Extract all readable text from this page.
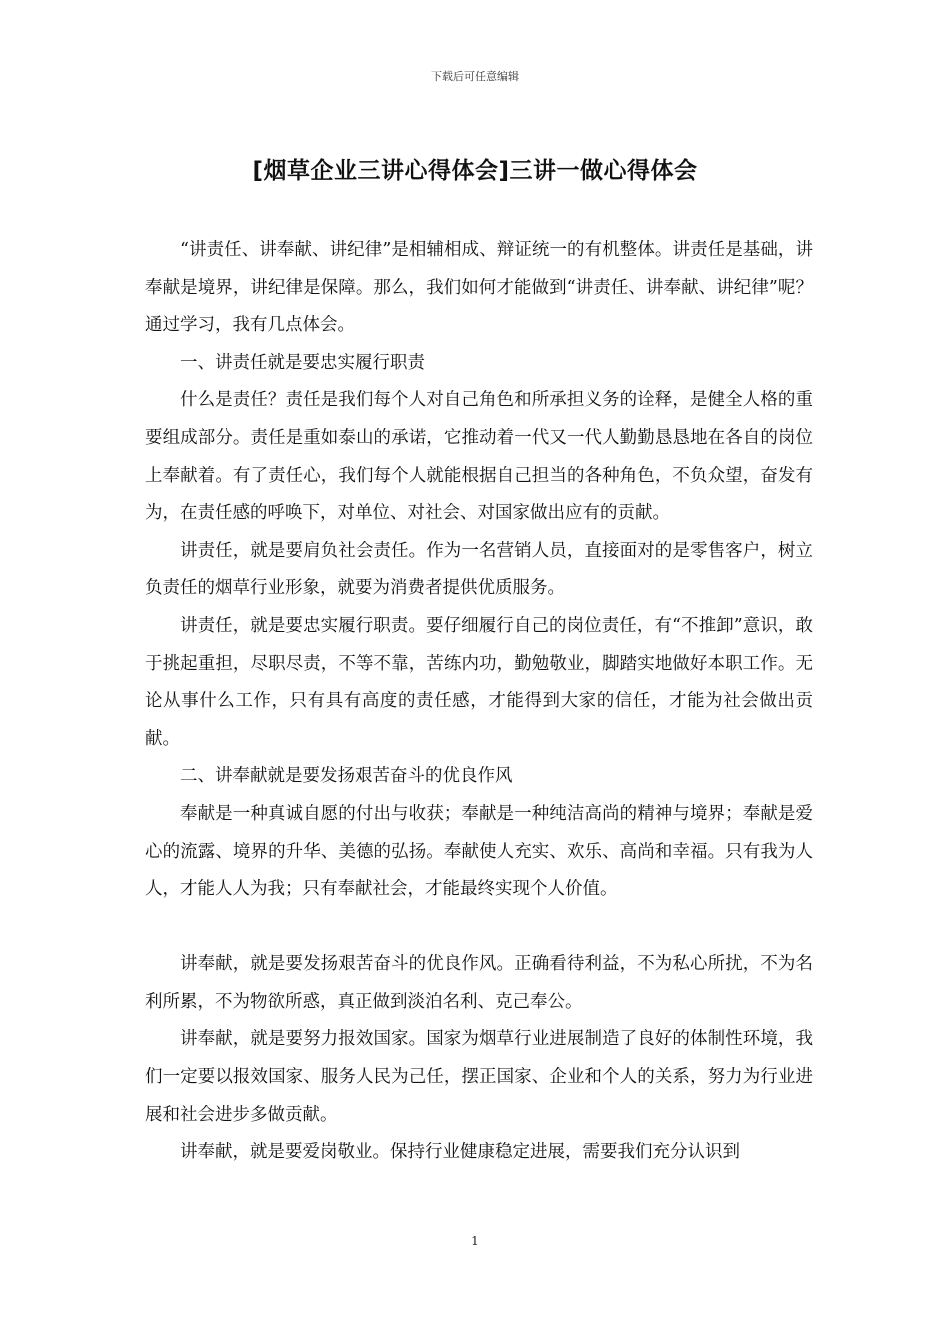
下载后可任意编辑
[烟草企业三讲心得体会]三讲一做心得体会

“讲责任、讲奉献、讲纪律”是相辅相成、辩证统一的有机整体。讲责任是基础，讲奉献是境界，讲纪律是保障。那么，我们如何才能做到“讲责任、讲奉献、讲纪律”呢？通过学习，我有几点体会。

一、讲责任就是要忠实履行职责

什么是责任？责任是我们每个人对自己角色和所承担义务的诠释，是健全人格的重要组成部分。责任是重如泰山的承诺，它推动着一代又一代人勤勤恳恳地在各自的岗位上奉献着。有了责任心，我们每个人就能根据自己担当的各种角色，不负众望，奋发有为，在责任感的呼唤下，对单位、对社会、对国家做出应有的贡献。

讲责任，就是要肩负社会责任。作为一名营销人员，直接面对的是零售客户，树立负责任的烟草行业形象，就要为消费者提供优质服务。

讲责任，就是要忠实履行职责。要仔细履行自己的岗位责任，有“不推卸”意识，敢于挑起重担，尽职尽责，不等不靠，苦练内功，勤勉敬业，脚踏实地做好本职工作。无论从事什么工作，只有具有高度的责任感，才能得到大家的信任，才能为社会做出贡献。

二、讲奉献就是要发扬艰苦奋斗的优良作风

奉献是一种真诚自愿的付出与收获；奉献是一种纯洁高尚的精神与境界；奉献是爱心的流露、境界的升华、美德的弘扬。奉献使人充实、欢乐、高尚和幸福。只有我为人人，才能人人为我；只有奉献社会，才能最终实现个人价值。

讲奉献，就是要发扬艰苦奋斗的优良作风。正确看待利益，不为私心所扰，不为名利所累，不为物欲所惑，真正做到淡泊名利、克己奉公。

讲奉献，就是要努力报效国家。国家为烟草行业进展制造了良好的体制性环境，我们一定要以报效国家、服务人民为己任，摆正国家、企业和个人的关系，努力为行业进展和社会进步多做贡献。

讲奉献，就是要爱岗敬业。保持行业健康稳定进展，需要我们充分认识到

1
